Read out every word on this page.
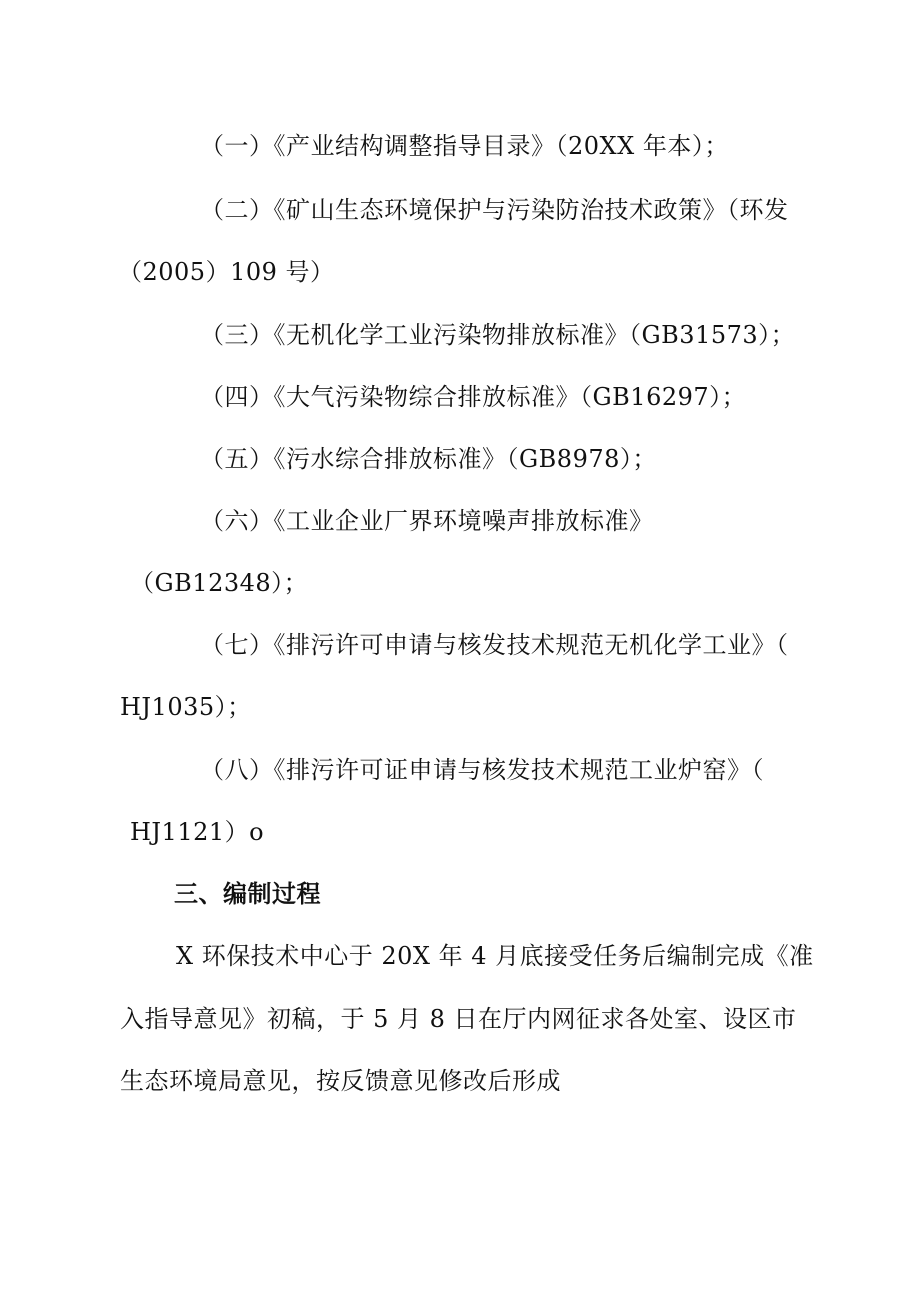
（一）《产业结构调整指导目录》（20XX 年本）；
（二）《矿山生态环境保护与污染防治技术政策》（环发
（2005）109 号）
（三）《无机化学工业污染物排放标准》（GB31573）；
（四）《大气污染物综合排放标准》（GB16297）；
（五）《污水综合排放标准》（GB8978）；
（六）《工业企业厂界环境噪声排放标准》
（GB12348）；
（七）《排污许可申请与核发技术规范无机化学工业》（
HJ1035）；
（八）《排污许可证申请与核发技术规范工业炉窑》（
HJ1121）o
三、编制过程
X 环保技术中心于 20X 年 4 月底接受任务后编制完成《准
入指导意见》初稿，于 5 月 8 日在厅内网征求各处室、设区市
生态环境局意见，按反馈意见修改后形成
